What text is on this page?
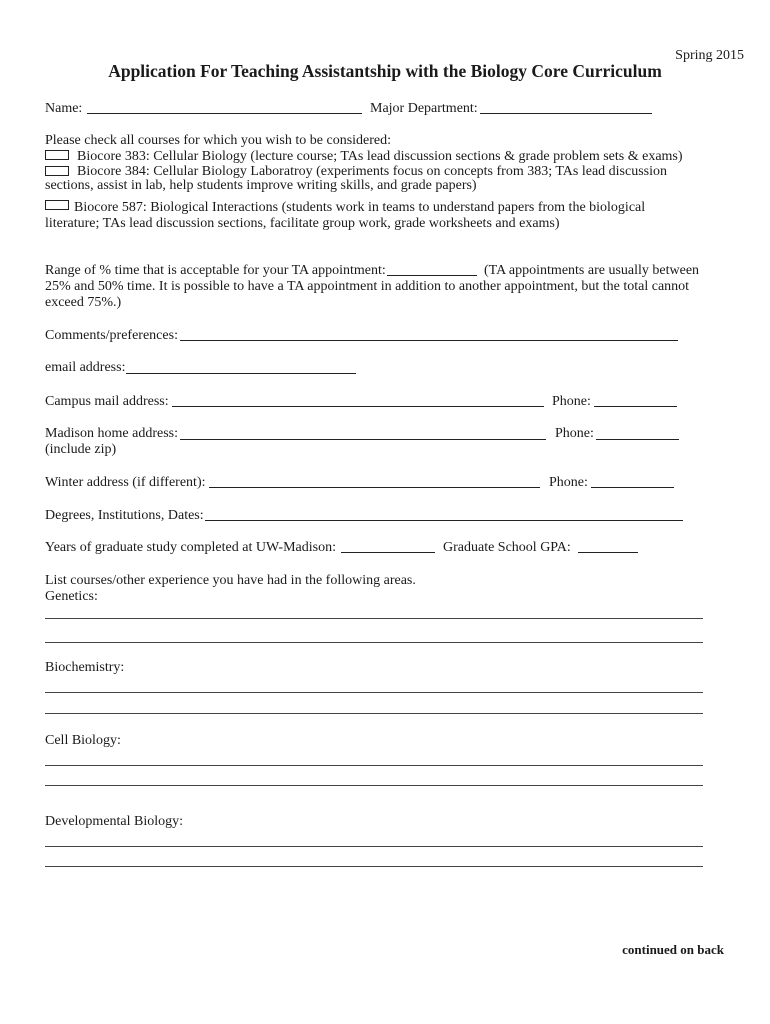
Spring 2015
Application For Teaching Assistantship with the Biology Core Curriculum
Name:	Major Department:
Please check all courses for which you wish to be considered:
Biocore 383: Cellular Biology (lecture course; TAs lead discussion sections & grade problem sets & exams)
Biocore 384: Cellular Biology Laboratroy (experiments focus on concepts from 383; TAs lead discussion
sections, assist in lab, help students improve writing skills, and grade papers)
Biocore 587: Biological Interactions (students work in teams to understand papers from the biological
literature; TAs lead discussion sections, facilitate group work, grade worksheets and exams)
Range of % time that is acceptable for your TA appointment:	(TA appointments are usually between
25% and 50% time. It is possible to have a TA appointment in addition to another appointment, but the total cannot
exceed 75%.)
Comments/preferences:
email address:
Campus mail address:	Phone:
Madison home address:	Phone:
(include zip)
Winter address (if different):	Phone:
Degrees, Institutions, Dates:
Years of graduate study completed at UW-Madison:	Graduate School GPA:
List courses/other experience you have had in the following areas.
Genetics:
Biochemistry:
Cell Biology:
Developmental Biology:
continued on back
